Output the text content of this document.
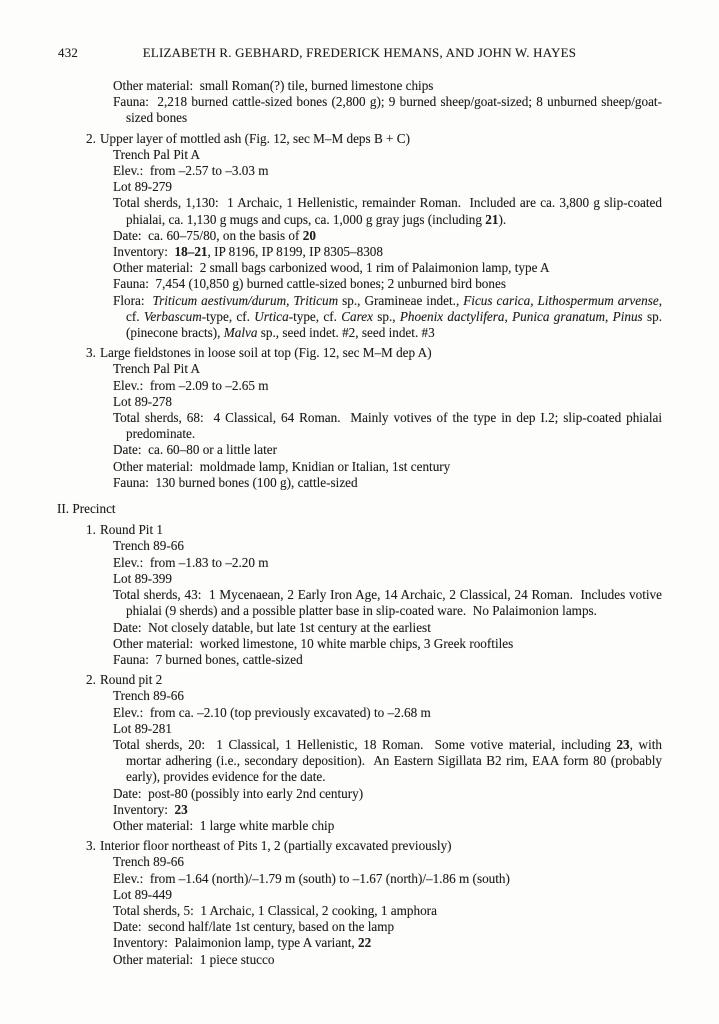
432	ELIZABETH R. GEBHARD, FREDERICK HEMANS, AND JOHN W. HAYES
Other material:  small Roman(?) tile, burned limestone chips
Fauna:  2,218 burned cattle-sized bones (2,800 g); 9 burned sheep/goat-sized; 8 unburned sheep/goat-sized bones
2. Upper layer of mottled ash (Fig. 12, sec M–M deps B + C)
Trench Pal Pit A
Elev.:  from –2.57 to –3.03 m
Lot 89-279
Total sherds, 1,130:  1 Archaic, 1 Hellenistic, remainder Roman.  Included are ca. 3,800 g slip-coated phialai, ca. 1,130 g mugs and cups, ca. 1,000 g gray jugs (including 21).
Date:  ca. 60–75/80, on the basis of 20
Inventory:  18–21, IP 8196, IP 8199, IP 8305–8308
Other material:  2 small bags carbonized wood, 1 rim of Palaimonion lamp, type A
Fauna:  7,454 (10,850 g) burned cattle-sized bones; 2 unburned bird bones
Flora:  Triticum aestivum/durum, Triticum sp., Gramineae indet., Ficus carica, Lithospermum arvense, cf. Verbascum-type, cf. Urtica-type, cf. Carex sp., Phoenix dactylifera, Punica granatum, Pinus sp. (pinecone bracts), Malva sp., seed indet. #2, seed indet. #3
3. Large fieldstones in loose soil at top (Fig. 12, sec M–M dep A)
Trench Pal Pit A
Elev.:  from –2.09 to –2.65 m
Lot 89-278
Total sherds, 68:  4 Classical, 64 Roman.  Mainly votives of the type in dep I.2; slip-coated phialai predominate.
Date:  ca. 60–80 or a little later
Other material:  moldmade lamp, Knidian or Italian, 1st century
Fauna:  130 burned bones (100 g), cattle-sized
II. Precinct
1. Round Pit 1
Trench 89-66
Elev.:  from –1.83 to –2.20 m
Lot 89-399
Total sherds, 43:  1 Mycenaean, 2 Early Iron Age, 14 Archaic, 2 Classical, 24 Roman.  Includes votive phialai (9 sherds) and a possible platter base in slip-coated ware.  No Palaimonion lamps.
Date:  Not closely datable, but late 1st century at the earliest
Other material:  worked limestone, 10 white marble chips, 3 Greek rooftiles
Fauna:  7 burned bones, cattle-sized
2. Round pit 2
Trench 89-66
Elev.:  from ca. –2.10 (top previously excavated) to –2.68 m
Lot 89-281
Total sherds, 20:  1 Classical, 1 Hellenistic, 18 Roman.  Some votive material, including 23, with mortar adhering (i.e., secondary deposition).  An Eastern Sigillata B2 rim, EAA form 80 (probably early), provides evidence for the date.
Date:  post-80 (possibly into early 2nd century)
Inventory:  23
Other material:  1 large white marble chip
3. Interior floor northeast of Pits 1, 2 (partially excavated previously)
Trench 89-66
Elev.:  from –1.64 (north)/–1.79 m (south) to –1.67 (north)/–1.86 m (south)
Lot 89-449
Total sherds, 5:  1 Archaic, 1 Classical, 2 cooking, 1 amphora
Date:  second half/late 1st century, based on the lamp
Inventory:  Palaimonion lamp, type A variant, 22
Other material:  1 piece stucco
